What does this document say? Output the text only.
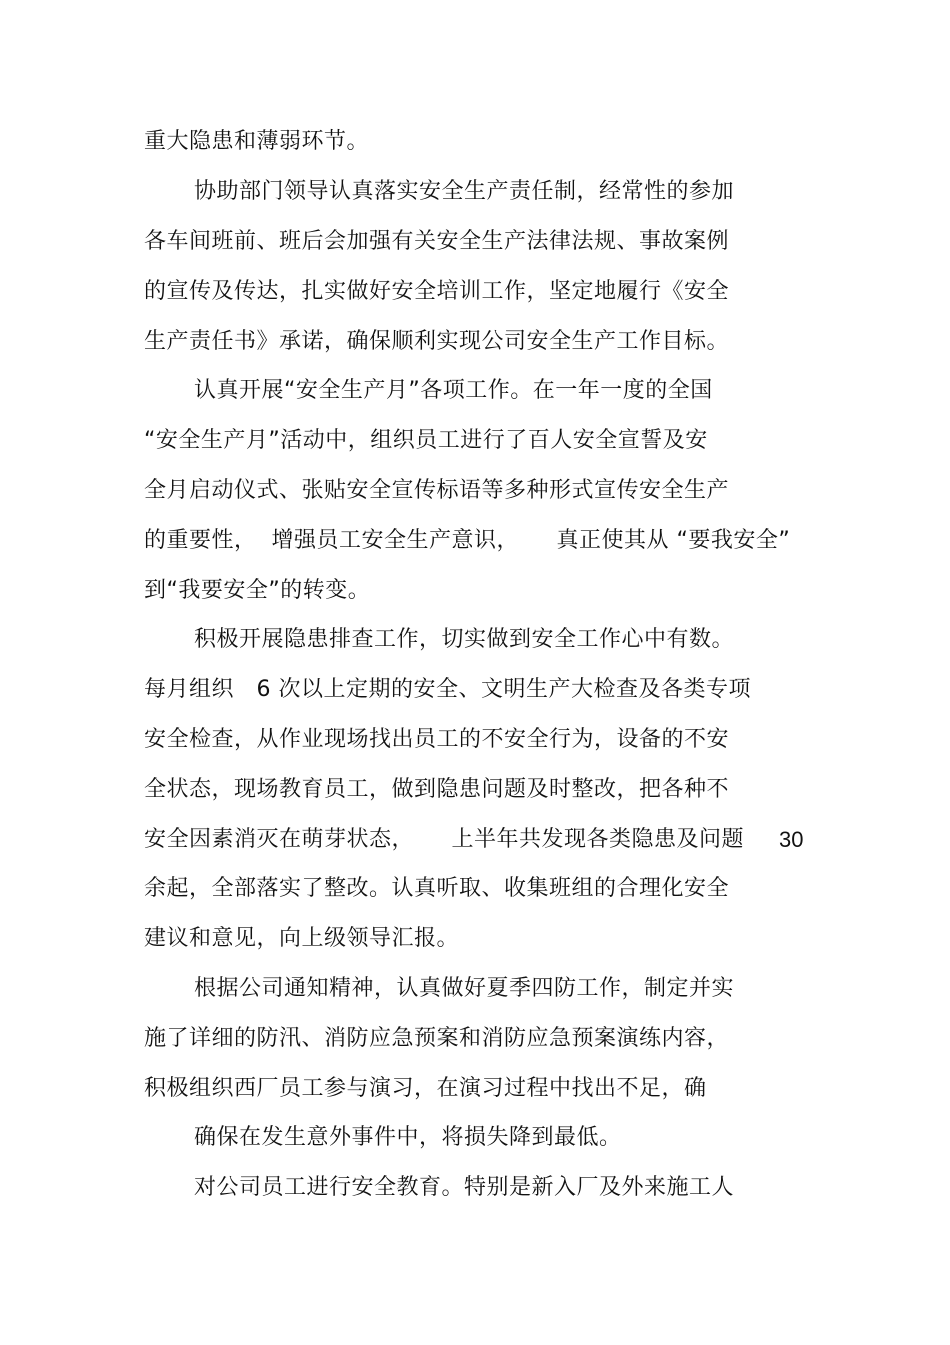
重大隐患和薄弱环节。
协助部门领导认真落实安全生产责任制，经常性的参加
各车间班前、班后会加强有关安全生产法律法规、事故案例
的宣传及传达，扎实做好安全培训工作，坚定地履行《安全
生产责任书》承诺，确保顺利实现公司安全生产工作目标。
认真开展“安全生产月”各项工作。在一年一度的全国
“安全生产月”活动中，组织员工进行了百人安全宣誓及安
全月启动仪式、张贴安全宣传标语等多种形式宣传安全生产
的重要性，  增强员工安全生产意识，     真正使其从 “要我安全”
到“我要安全”的转变。
积极开展隐患排查工作，切实做到安全工作心中有数。
每月组织   6 次以上定期的安全、文明生产大检查及各类专项
安全检查，从作业现场找出员工的不安全行为，设备的不安
全状态，现场教育员工，做到隐患问题及时整改，把各种不
安全因素消灭在萌芽状态，     上半年共发现各类隐患及问题 30
余起，全部落实了整改。认真听取、收集班组的合理化安全
建议和意见，向上级领导汇报。
根据公司通知精神，认真做好夏季四防工作，制定并实
施了详细的防汛、消防应急预案和消防应急预案演练内容，
积极组织西厂员工参与演习，在演习过程中找出不足，确
确保在发生意外事件中，将损失降到最低。
对公司员工进行安全教育。特别是新入厂及外来施工人
